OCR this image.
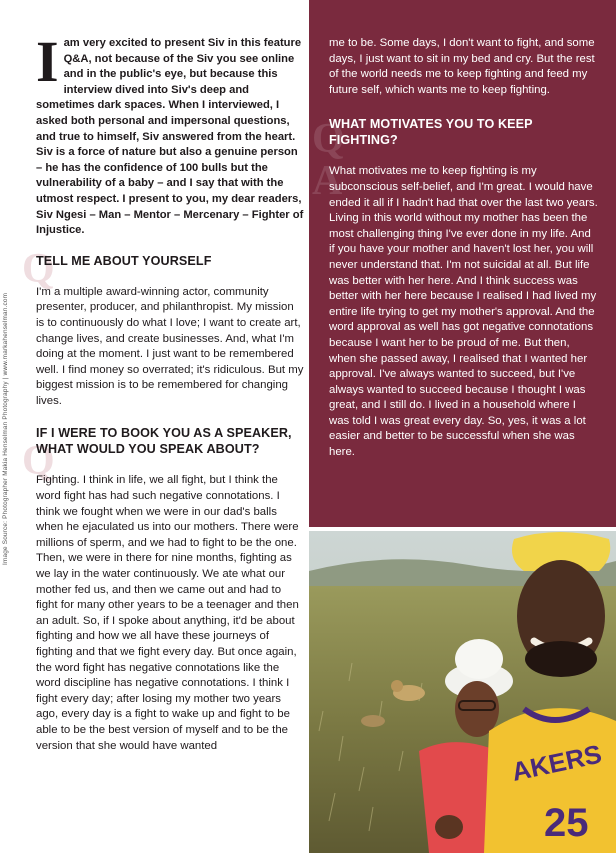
Image Source: Photographer Makia Henselman Photography | www.markahenselman.com
Q
Q

Iam very excited to present Siv in this feature Q&A, not because of the Siv you see online and in the public's eye, but because this interview dived into Siv's deep and sometimes dark spaces. When I interviewed, I asked both personal and impersonal questions, and true to himself, Siv answered from the heart. Siv is a force of nature but also a genuine person – he has the confidence of 100 bulls but the vulnerability of a baby – and I say that with the utmost respect. I present to you, my dear readers, Siv Ngesi – Man – Mentor – Mercenary – Fighter of Injustice.

TELL ME ABOUT YOURSELF

I'm a multiple award-winning actor, community presenter, producer, and philanthropist. My mission is to continuously do what I love; I want to create art, change lives, and create businesses. And, what I'm doing at the moment. I just want to be remembered well. I find money so overrated; it's ridiculous. But my biggest mission is to be remembered for changing lives.

IF I WERE TO BOOK YOU AS A SPEAKER, WHAT WOULD YOU SPEAK ABOUT?

Fighting. I think in life, we all fight, but I think the word fight has had such negative connotations. I think we fought when we were in our dad's balls when he ejaculated us into our mothers. There were millions of sperm, and we had to fight to be the one. Then, we were in there for nine months, fighting as we lay in the water continuously. We ate what our mother fed us, and then we came out and had to fight for many other years to be a teenager and then an adult. So, if I spoke about anything, it'd be about fighting and how we all have these journeys of fighting and that we fight every day. But once again, the word fight has negative connotations like the word discipline has negative connotations. I think I fight every day; after losing my mother two years ago, every day is a fight to wake up and fight to be able to be the best version of myself and to be the version that she would have wanted

Q
A

me to be. Some days, I don't want to fight, and some days, I just want to sit in my bed and cry. But the rest of the world needs me to keep fighting and feed my future self, which wants me to keep fighting.

WHAT MOTIVATES YOU TO KEEP FIGHTING?

What motivates me to keep fighting is my subconscious self-belief, and I'm great. I would have ended it all if I hadn't had that over the last two years. Living in this world without my mother has been the most challenging thing I've ever done in my life. And if you have your mother and haven't lost her, you will never understand that. I'm not suicidal at all. But life was better with her here. And I think success was better with her here because I realised I had lived my entire life trying to get my mother's approval. And the word approval as well has got negative connotations because I want her to be proud of me. But then, when she passed away, I realised that I wanted her approval. I've always wanted to succeed, but I've always wanted to succeed because I thought I was great, and I still do. I lived in a household where I was told I was great every day. So, yes, it was a lot easier and better to be successful when she was here.

AKERS
25
